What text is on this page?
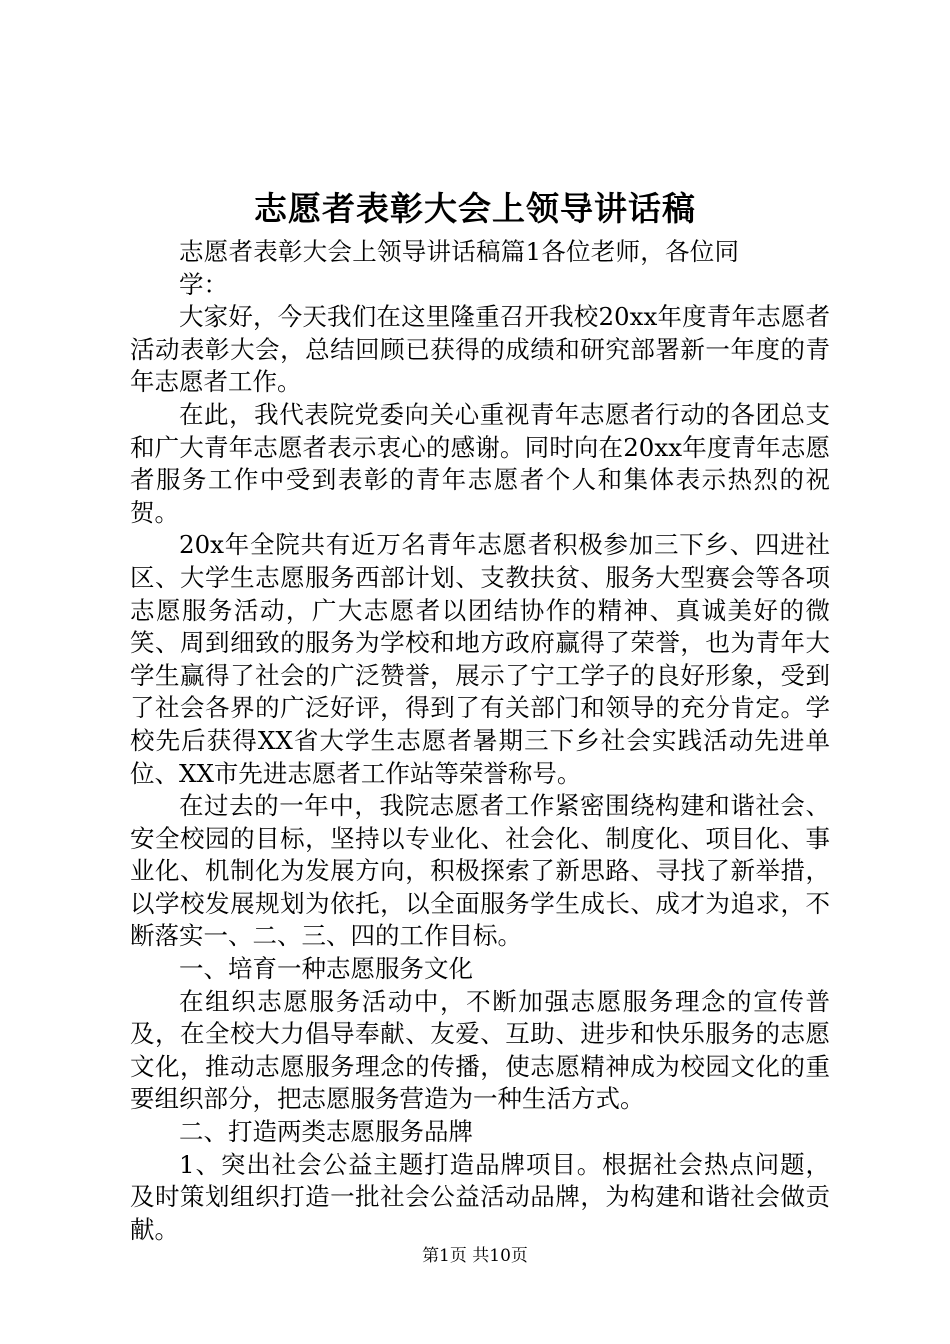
志愿者表彰大会上领导讲话稿

志愿者表彰大会上领导讲话稿篇1各位老师，各位同学：

大家好，今天我们在这里隆重召开我校20xx年度青年志愿者活动表彰大会，总结回顾已获得的成绩和研究部署新一年度的青年志愿者工作。

在此，我代表院党委向关心重视青年志愿者行动的各团总支和广大青年志愿者表示衷心的感谢。同时向在20xx年度青年志愿者服务工作中受到表彰的青年志愿者个人和集体表示热烈的祝贺。

20x年全院共有近万名青年志愿者积极参加三下乡、四进社区、大学生志愿服务西部计划、支教扶贫、服务大型赛会等各项志愿服务活动，广大志愿者以团结协作的精神、真诚美好的微笑、周到细致的服务为学校和地方政府赢得了荣誉，也为青年大学生赢得了社会的广泛赞誉，展示了宁工学子的良好形象，受到了社会各界的广泛好评，得到了有关部门和领导的充分肯定。学校先后获得XX省大学生志愿者暑期三下乡社会实践活动先进单位、XX市先进志愿者工作站等荣誉称号。

在过去的一年中，我院志愿者工作紧密围绕构建和谐社会、安全校园的目标，坚持以专业化、社会化、制度化、项目化、事业化、机制化为发展方向，积极探索了新思路、寻找了新举措，以学校发展规划为依托，以全面服务学生成长、成才为追求，不断落实一、二、三、四的工作目标。

一、培育一种志愿服务文化

在组织志愿服务活动中，不断加强志愿服务理念的宣传普及，在全校大力倡导奉献、友爱、互助、进步和快乐服务的志愿文化，推动志愿服务理念的传播，使志愿精神成为校园文化的重要组织部分，把志愿服务营造为一种生活方式。

二、打造两类志愿服务品牌

1、突出社会公益主题打造品牌项目。根据社会热点问题，及时策划组织打造一批社会公益活动品牌，为构建和谐社会做贡献。

第1页 共10页
